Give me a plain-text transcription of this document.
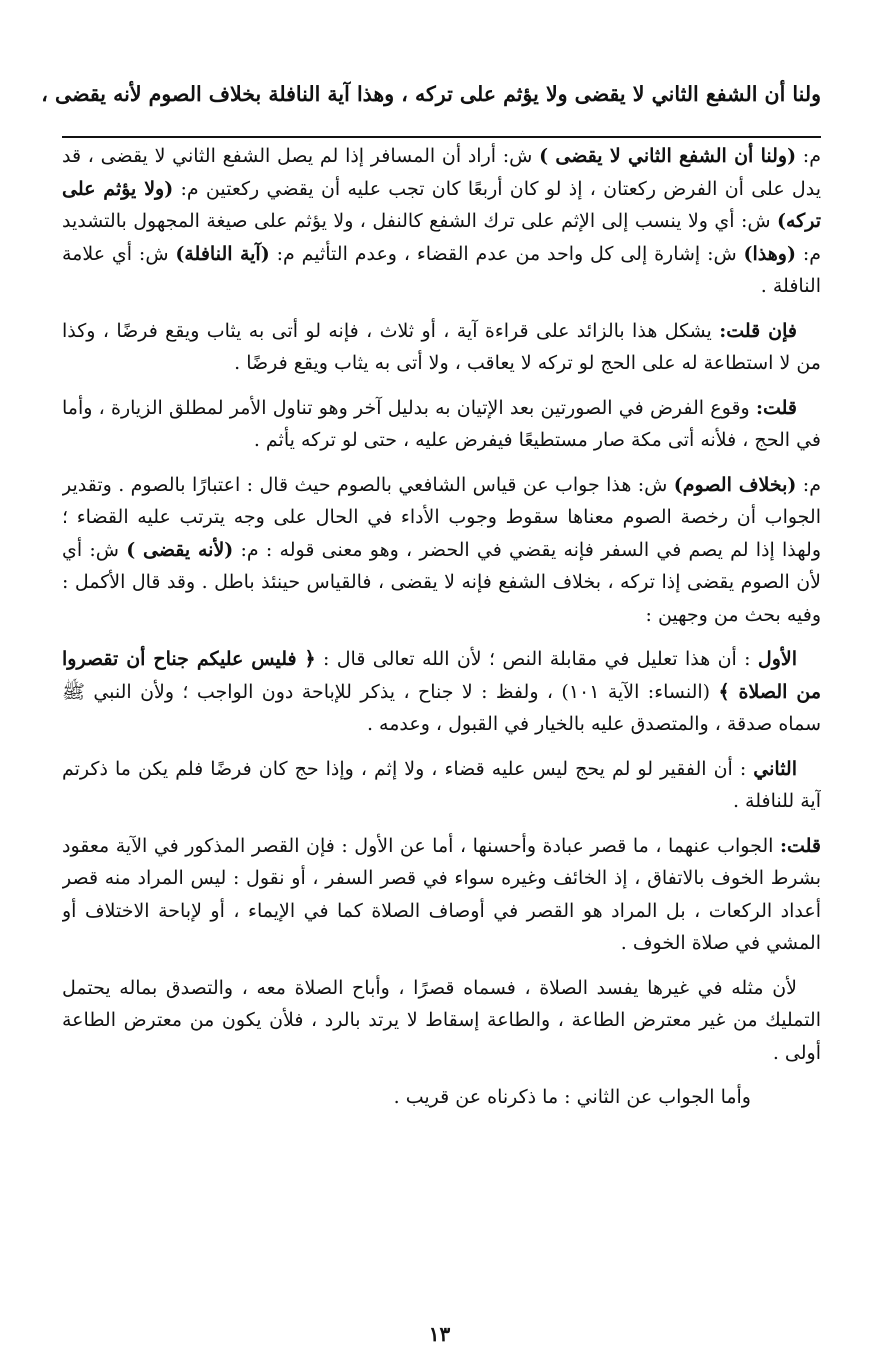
ولنا أن الشفع الثاني لا يقضى ولا يؤثم على تركه ، وهذا آية النافلة بخلاف الصوم لأنه يقضى ،

م: (ولنا أن الشفع الثاني لا يقضى ) ش: أراد أن المسافر إذا لم يصل الشفع الثاني لا يقضى ، قد يدل على أن الفرض ركعتان ، إذ لو كان أربعًا كان تجب عليه أن يقضي ركعتين م: (ولا يؤثم على تركه) ش: أي ولا ينسب إلى الإثم على ترك الشفع كالنفل ، ولا يؤثم على صيغة المجهول بالتشديد م: (وهذا) ش: إشارة إلى كل واحد من عدم القضاء ، وعدم التأثيم م: (آية النافلة) ش: أي علامة النافلة .

فإن قلت: يشكل هذا بالزائد على قراءة آية ، أو ثلاث ، فإنه لو أتى به يثاب ويقع فرضًا ، وكذا من لا استطاعة له على الحج لو تركه لا يعاقب ، ولا أتى به يثاب ويقع فرضًا .

قلت: وقوع الفرض في الصورتين بعد الإتيان به بدليل آخر وهو تناول الأمر لمطلق الزيارة ، وأما في الحج ، فلأنه أتى مكة صار مستطيعًا فيفرض عليه ، حتى لو تركه يأثم .

م: (بخلاف الصوم) ش: هذا جواب عن قياس الشافعي بالصوم حيث قال : اعتبارًا بالصوم . وتقدير الجواب أن رخصة الصوم معناها سقوط وجوب الأداء في الحال على وجه يترتب عليه القضاء ؛ ولهذا إذا لم يصم في السفر فإنه يقضي في الحضر ، وهو معنى قوله : م: (لأنه يقضى ) ش: أي لأن الصوم يقضى إذا تركه ، بخلاف الشفع فإنه لا يقضى ، فالقياس حينئذ باطل . وقد قال الأكمل : وفيه بحث من وجهين :

الأول : أن هذا تعليل في مقابلة النص ؛ لأن الله تعالى قال : ﴿ فليس عليكم جناح أن تقصروا من الصلاة ﴾ (النساء: الآية ١٠١) ، ولفظ : لا جناح ، يذكر للإباحة دون الواجب ؛ ولأن النبي ﷺ سماه صدقة ، والمتصدق عليه بالخيار في القبول ، وعدمه .

الثاني : أن الفقير لو لم يحج ليس عليه قضاء ، ولا إثم ، وإذا حج كان فرضًا فلم يكن ما ذكرتم آية للنافلة .

قلت: الجواب عنهما ، ما قصر عبادة وأحسنها ، أما عن الأول : فإن القصر المذكور في الآية معقود بشرط الخوف بالاتفاق ، إذ الخائف وغيره سواء في قصر السفر ، أو نقول : ليس المراد منه قصر أعداد الركعات ، بل المراد هو القصر في أوصاف الصلاة كما في الإيماء ، أو لإباحة الاختلاف أو المشي في صلاة الخوف .

لأن مثله في غيرها يفسد الصلاة ، فسماه قصرًا ، وأباح الصلاة معه ، والتصدق بماله يحتمل التمليك من غير معترض الطاعة ، والطاعة إسقاط لا يرتد بالرد ، فلأن يكون من معترض الطاعة أولى .

وأما الجواب عن الثاني : ما ذكرناه عن قريب .

١٣
